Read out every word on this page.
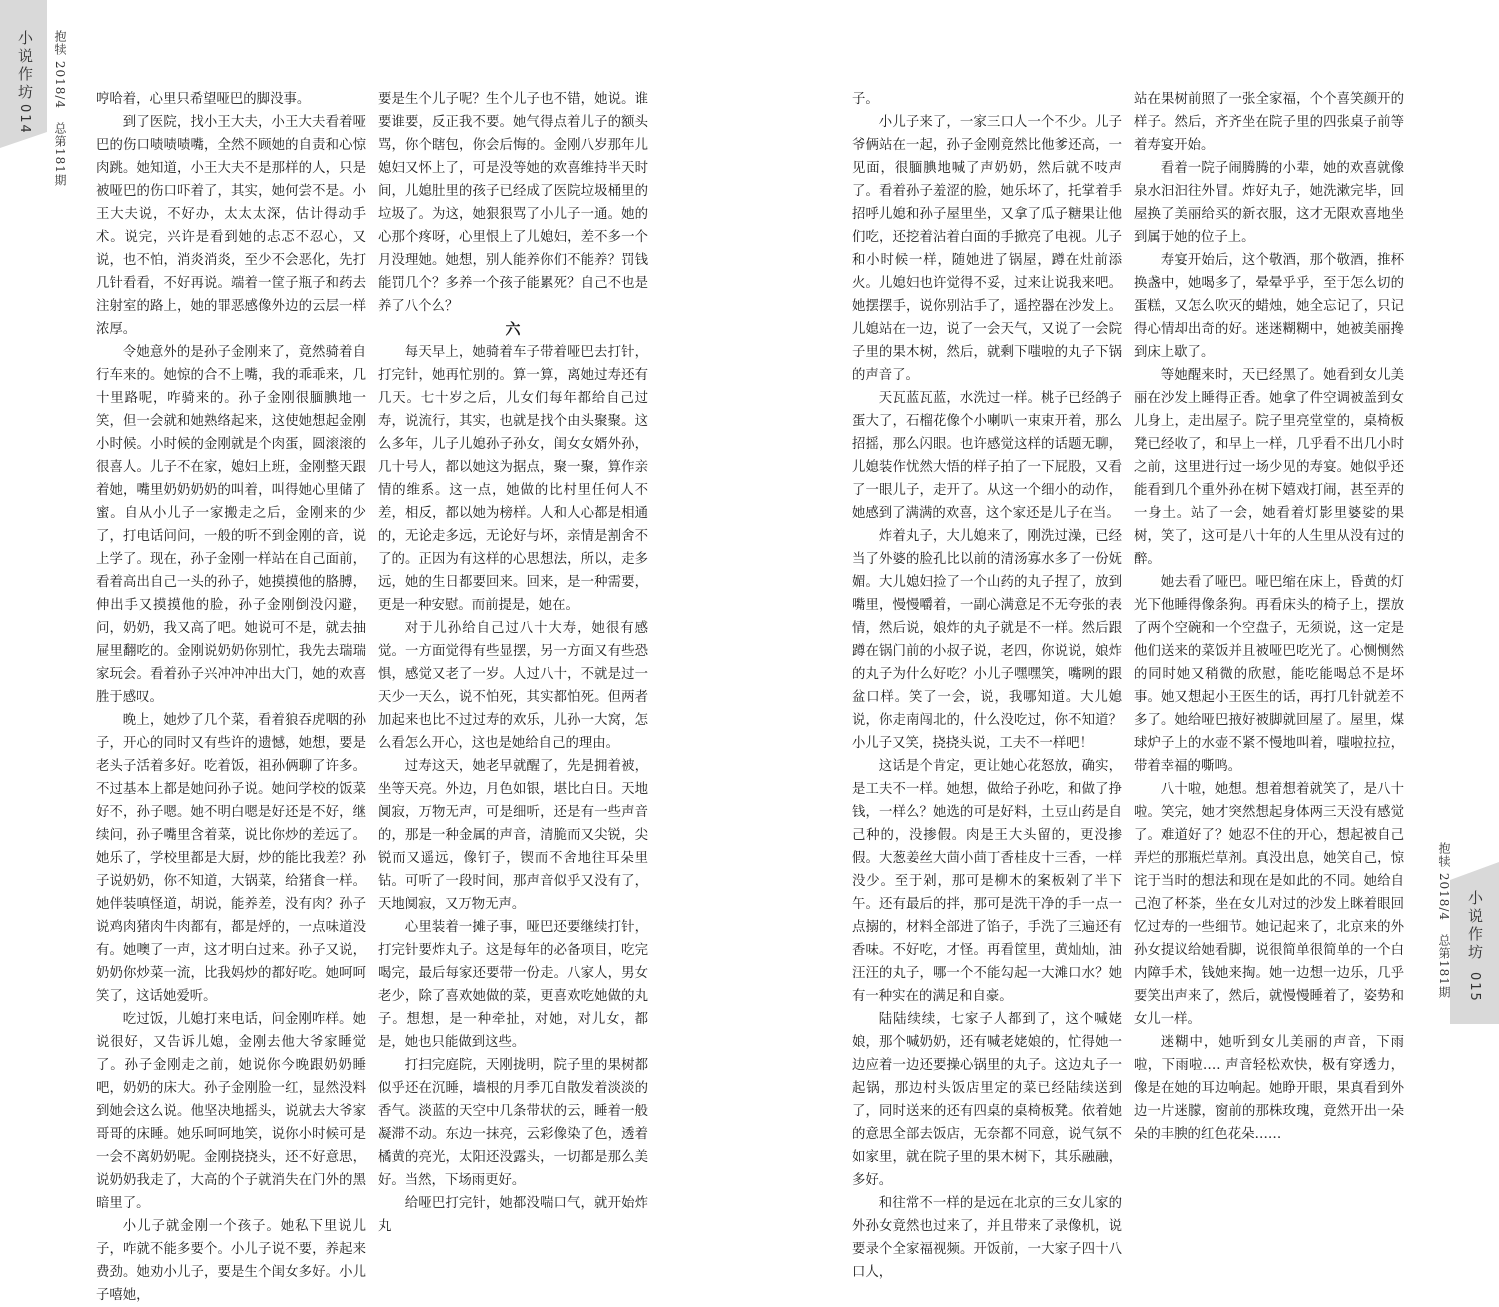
小说作坊
014 抱犊 2018/4　总第181期
小说作坊
015
抱犊 2018/4　总第181期

哼哈着，心里只希望哑巴的脚没事。

到了医院，找小王大夫，小王大夫看着哑巴的伤口啧啧啧嘴，全然不顾她的自责和心惊肉跳。她知道，小王大夫不是那样的人，只是被哑巴的伤口吓着了，其实，她何尝不是。小王大夫说，不好办，太太太深，估计得动手术。说完，兴许是看到她的忐忑不忍心，又说，也不怕，消炎消炎，至少不会恶化，先打几针看看，不好再说。端着一筐子瓶子和药去注射室的路上，她的罪恶感像外边的云层一样浓厚。

令她意外的是孙子金刚来了，竟然骑着自行车来的。她惊的合不上嘴，我的乖乖来，几十里路呢，咋骑来的。孙子金刚很腼腆地一笑，但一会就和她熟络起来，这使她想起金刚小时候。小时候的金刚就是个肉蛋，圆滚滚的很喜人。儿子不在家，媳妇上班，金刚整天跟着她，嘴里奶奶奶奶的叫着，叫得她心里储了蜜。自从小儿子一家搬走之后，金刚来的少了，打电话问问，一般的听不到金刚的音，说上学了。现在，孙子金刚一样站在自己面前，看着高出自己一头的孙子，她摸摸他的胳膊，伸出手又摸摸他的脸，孙子金刚倒没闪避，问，奶奶，我又高了吧。她说可不是，就去抽屉里翻吃的。金刚说奶奶你别忙，我先去瑞瑞家玩会。看着孙子兴冲冲冲出大门，她的欢喜胜于感叹。

晚上，她炒了几个菜，看着狼吞虎咽的孙子，开心的同时又有些许的遗憾，她想，要是老头子活着多好。吃着饭，祖孙俩聊了许多。不过基本上都是她问孙子说。她问学校的饭菜好不，孙子嗯。她不明白嗯是好还是不好，继续问，孙子嘴里含着菜，说比你炒的差远了。她乐了，学校里都是大厨，炒的能比我差？孙子说奶奶，你不知道，大锅菜，给猪食一样。她伴装嗔怪道，胡说，能养差，没有肉？孙子说鸡肉猪肉牛肉都有，都是烀的，一点味道没有。她噢了一声，这才明白过来。孙子又说，奶奶你炒菜一流，比我妈炒的都好吃。她呵呵笑了，这话她爱听。

吃过饭，儿媳打来电话，问金刚咋样。她说很好，又告诉儿媳，金刚去他大爷家睡觉了。孙子金刚走之前，她说你今晚跟奶奶睡吧，奶奶的床大。孙子金刚脸一红，显然没料到她会这么说。他坚决地摇头，说就去大爷家哥哥的床睡。她乐呵呵地笑，说你小时候可是一会不离奶奶呢。金刚挠挠头，还不好意思，说奶奶我走了，大高的个子就消失在门外的黑暗里了。

小儿子就金刚一个孩子。她私下里说儿子，咋就不能多要个。小儿子说不要，养起来费劲。她劝小儿子，要是生个闺女多好。小儿子嘻她，

要是生个儿子呢？生个儿子也不错，她说。谁要谁要，反正我不要。她气得点着儿子的额头骂，你个瞎包，你会后悔的。金刚八岁那年儿媳妇又怀上了，可是没等她的欢喜维持半天时间，儿媳肚里的孩子已经成了医院垃圾桶里的垃圾了。为这，她狠狠骂了小儿子一通。她的心那个疼呀，心里恨上了儿媳妇，差不多一个月没理她。她想，别人能养你们不能养？罚钱能罚几个？多养一个孩子能累死？自己不也是养了八个么？

六

每天早上，她骑着车子带着哑巴去打针，打完针，她再忙别的。算一算，离她过寿还有几天。七十岁之后，儿女们每年都给自己过寿，说流行，其实，也就是找个由头聚聚。这么多年，儿子儿媳孙子孙女，闺女女婿外孙，几十号人，都以她这为据点，聚一聚，算作亲情的维系。这一点，她做的比村里任何人不差，相反，都以她为榜样。人和人心都是相通的，无论走多远，无论好与坏，亲情是割舍不了的。正因为有这样的心思想法，所以，走多远，她的生日都要回来。回来，是一种需要，更是一种安慰。而前提是，她在。

对于儿孙给自己过八十大寿，她很有感觉。一方面觉得有些显摆，另一方面又有些恐惧，感觉又老了一岁。人过八十，不就是过一天少一天么，说不怕死，其实都怕死。但两者加起来也比不过过寿的欢乐，儿孙一大窝，怎么看怎么开心，这也是她给自己的理由。

过寿这天，她老早就醒了，先是拥着被，坐等天亮。外边，月色如银，堪比白日。天地阒寂，万物无声，可是细听，还是有一些声音的，那是一种金属的声音，清脆而又尖锐，尖锐而又遥远，像钉子，锲而不舍地往耳朵里钻。可听了一段时间，那声音似乎又没有了，天地阒寂，又万物无声。

心里装着一摊子事，哑巴还要继续打针，打完针要炸丸子。这是每年的必备项目，吃完喝完，最后每家还要带一份走。八家人，男女老少，除了喜欢她做的菜，更喜欢吃她做的丸子。想想，是一种牵扯，对她，对儿女，都是，她也只能做到这些。

打扫完庭院，天刚拢明，院子里的果树都似乎还在沉睡，墙根的月季兀自散发着淡淡的香气。淡蓝的天空中几条带状的云，睡着一般凝滞不动。东边一抹亮，云彩像染了色，透着橘黄的亮光，太阳还没露头，一切都是那么美好。当然，下场雨更好。

给哑巴打完针，她都没喘口气，就开始炸丸

子。

小儿子来了，一家三口人一个不少。儿子爷俩站在一起，孙子金刚竟然比他爹还高，一见面，很腼腆地喊了声奶奶，然后就不吱声了。看着孙子羞涩的脸，她乐坏了，托掌着手招呼儿媳和孙子屋里坐，又拿了瓜子糖果让他们吃，还挖着沾着白面的手掀亮了电视。儿子和小时候一样，随她进了锅屋，蹲在灶前添火。儿媳妇也许觉得不妥，过来让说我来吧。她摆摆手，说你别沾手了，遥控器在沙发上。儿媳站在一边，说了一会天气，又说了一会院子里的果木树，然后，就剩下嗤啦的丸子下锅的声音了。

天瓦蓝瓦蓝，水洗过一样。桃子已经鸽子蛋大了，石榴花像个小喇叭一束束开着，那么招摇，那么闪眼。也许感觉这样的话题无聊，儿媳装作忧然大悟的样子拍了一下屁股，又看了一眼儿子，走开了。从这一个细小的动作，她感到了满满的欢喜，这个家还是儿子在当。

炸着丸子，大儿媳来了，刚洗过澡，已经当了外婆的脸孔比以前的清汤寡水多了一份妩媚。大儿媳妇捡了一个山药的丸子捏了，放到嘴里，慢慢嚼着，一副心满意足不无夸张的表情，然后说，娘炸的丸子就是不一样。然后跟蹲在锅门前的小叔子说，老四，你说说，娘炸的丸子为什么好吃？小儿子嘿嘿笑，嘴咧的跟盆口样。笑了一会，说，我哪知道。大儿媳说，你走南闯北的，什么没吃过，你不知道？小儿子又笑，挠挠头说，工夫不一样吧！

这话是个肯定，更让她心花怒放，确实，是工夫不一样。她想，做给子孙吃，和做了挣钱，一样么？她选的可是好料，土豆山药是自己种的，没掺假。肉是王大头留的，更没掺假。大葱姜丝大茴小茴丁香桂皮十三香，一样没少。至于剁，那可是柳木的案板剁了半下午。还有最后的拌，那可是洗干净的手一点一点搦的，材料全部进了馅子，手洗了三遍还有香味。不好吃，才怪。再看筐里，黄灿灿，油汪汪的丸子，哪一个不能勾起一大滩口水？她有一种实在的满足和自豪。

陆陆续续，七家子人都到了，这个喊姥娘，那个喊奶奶，还有喊老姥娘的，忙得她一边应着一边还要操心锅里的丸子。这边丸子一起锅，那边村头饭店里定的菜已经陆续送到了，同时送来的还有四桌的桌椅板凳。依着她的意思全部去饭店，无奈都不同意，说气氛不如家里，就在院子里的果木树下，其乐融融，多好。

和往常不一样的是远在北京的三女儿家的外孙女竟然也过来了，并且带来了录像机，说要录个全家福视频。开饭前，一大家子四十八口人，

站在果树前照了一张全家福，个个喜笑颜开的样子。然后，齐齐坐在院子里的四张桌子前等着寿宴开始。

看着一院子闹腾腾的小辈，她的欢喜就像泉水汩汩往外冒。炸好丸子，她洗漱完毕，回屋换了美丽给买的新衣服，这才无限欢喜地坐到属于她的位子上。

寿宴开始后，这个敬酒，那个敬酒，推杯换盏中，她喝多了，晕晕乎乎，至于怎么切的蛋糕，又怎么吹灭的蜡烛，她全忘记了，只记得心情却出奇的好。迷迷糊糊中，她被美丽搀到床上歇了。

等她醒来时，天已经黑了。她看到女儿美丽在沙发上睡得正香。她拿了件空调被盖到女儿身上，走出屋子。院子里亮堂堂的，桌椅板凳已经收了，和早上一样，几乎看不出几小时之前，这里进行过一场少见的寿宴。她似乎还能看到几个重外孙在树下嬉戏打闹，甚至弄的一身土。站了一会，她看着灯影里婆娑的果树，笑了，这可是八十年的人生里从没有过的醉。

她去看了哑巴。哑巴缩在床上，昏黄的灯光下他睡得像条狗。再看床头的椅子上，摆放了两个空碗和一个空盘子，无须说，这一定是他们送来的菜饭并且被哑巴吃光了。心恻恻然的同时她又稍微的欣慰，能吃能喝总不是坏事。她又想起小王医生的话，再打几针就差不多了。她给哑巴掖好被脚就回屋了。屋里，煤球炉子上的水壶不紧不慢地叫着，嗤啦拉拉，带着幸福的嘶鸣。

八十啦，她想。想着想着就笑了，是八十啦。笑完，她才突然想起身体两三天没有感觉了。难道好了？她忍不住的开心，想起被自己弄烂的那瓶烂草剂。真没出息，她笑自己，惊诧于当时的想法和现在是如此的不同。她给自己泡了杯茶，坐在女儿对过的沙发上眯着眼回忆过寿的一些细节。她记起来了，北京来的外孙女提议给她看脚，说很简单很简单的一个白内障手术，钱她来掏。她一边想一边乐，几乎要笑出声来了，然后，就慢慢睡着了，姿势和女儿一样。

迷糊中，她听到女儿美丽的声音，下雨啦，下雨啦…. 声音轻松欢快，极有穿透力，像是在她的耳边响起。她睁开眼，果真看到外边一片迷朦，窗前的那株玫瑰，竟然开出一朵朵的丰腴的红色花朵……
